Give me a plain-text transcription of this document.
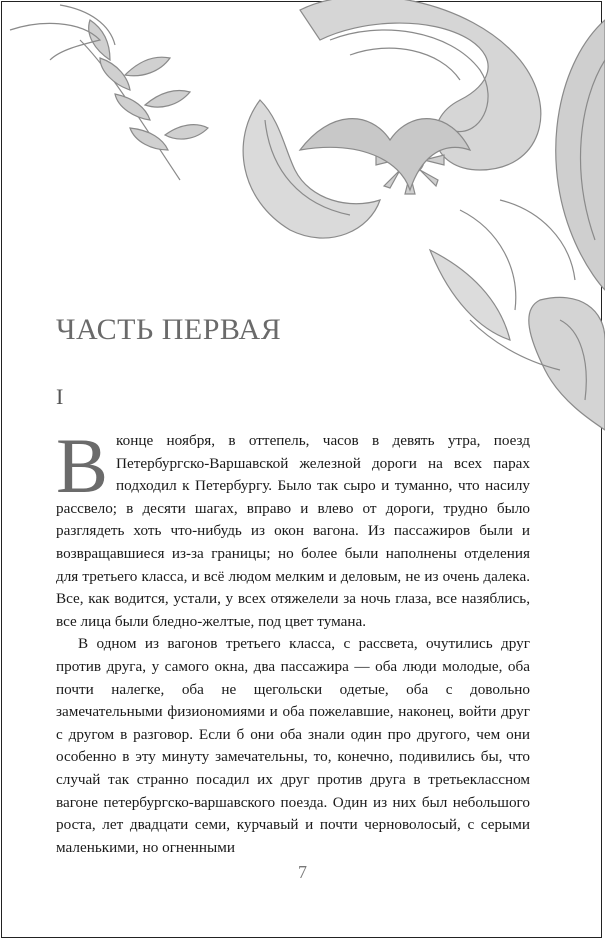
ЧАСТЬ ПЕРВАЯ
I

Вконце ноября, в оттепель, часов в девять утра, поезд Петербургско-Варшавской железной дороги на всех парах подходил к Петербургу. Было так сыро и туманно, что насилу рассвело; в десяти шагах, вправо и влево от дороги, трудно было разглядеть хоть что-нибудь из окон вагона. Из пассажиров были и возвращавшиеся из-за границы; но более были наполнены отделения для третьего класса, и всё людом мелким и деловым, не из очень далека. Все, как водится, устали, у всех отяжелели за ночь глаза, все назяблись, все лица были бледно-желтые, под цвет тумана.

В одном из вагонов третьего класса, с рассвета, очутились друг против друга, у самого окна, два пассажира — оба люди молодые, оба почти налегке, оба не щегольски одетые, оба с довольно замечательными физиономиями и оба пожелавшие, наконец, войти друг с другом в разговор. Если б они оба знали один про другого, чем они особенно в эту минуту замечательны, то, конечно, подивились бы, что случай так странно посадил их друг против друга в третьеклассном вагоне петербургско-варшавского поезда. Один из них был небольшого роста, лет двадцати семи, курчавый и почти черноволосый, с серыми маленькими, но огненными

7
